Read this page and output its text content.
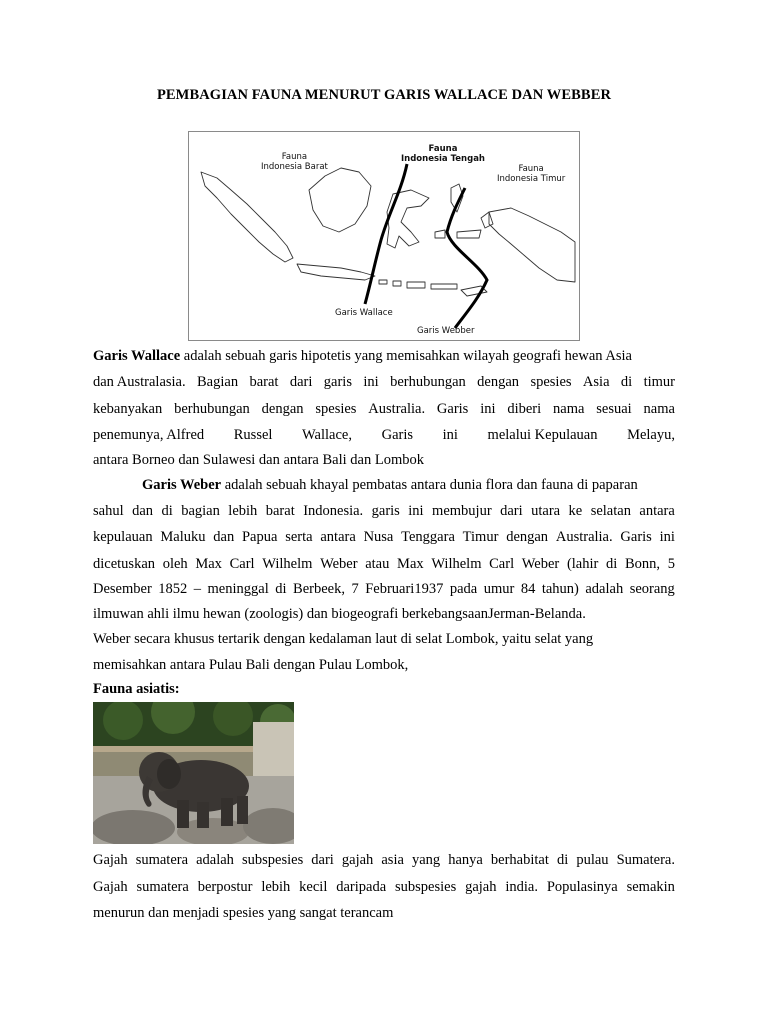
PEMBAGIAN FAUNA MENURUT GARIS WALLACE DAN WEBBER
Fauna
Indonesia Barat
Fauna
Indonesia Tengah
Fauna
Indonesia Timur
Garis Wallace
Garis Webber
Garis Wallace adalah sebuah garis hipotetis yang memisahkan wilayah geografi hewan Asia
dan Australasia. Bagian barat dari garis ini berhubungan dengan spesies Asia di timur
kebanyakan berhubungan dengan spesies Australia. Garis ini diberi nama sesuai nama
penemunya, Alfred Russel Wallace, Garis ini melalui Kepulauan Melayu,
antara Borneo dan Sulawesi dan antara Bali dan Lombok
Garis Weber adalah sebuah khayal pembatas antara dunia flora dan fauna di paparan
sahul dan di bagian lebih barat Indonesia. garis ini membujur dari utara ke selatan antara
kepulauan Maluku dan Papua serta antara Nusa Tenggara Timur dengan Australia. Garis ini
dicetuskan oleh Max Carl Wilhelm Weber atau Max Wilhelm Carl Weber (lahir di Bonn, 5
Desember 1852 – meninggal di Berbeek, 7 Februari1937 pada umur 84 tahun) adalah seorang
ilmuwan ahli ilmu hewan (zoologis) dan biogeografi berkebangsaanJerman-Belanda.
Weber secara khusus tertarik dengan kedalaman laut di selat Lombok, yaitu selat yang
memisahkan antara Pulau Bali dengan Pulau Lombok,
Fauna asiatis:
Gajah sumatera adalah subspesies dari gajah asia yang hanya berhabitat di pulau Sumatera.
Gajah sumatera berpostur lebih kecil daripada subspesies gajah india. Populasinya semakin
menurun dan menjadi spesies yang sangat terancam
